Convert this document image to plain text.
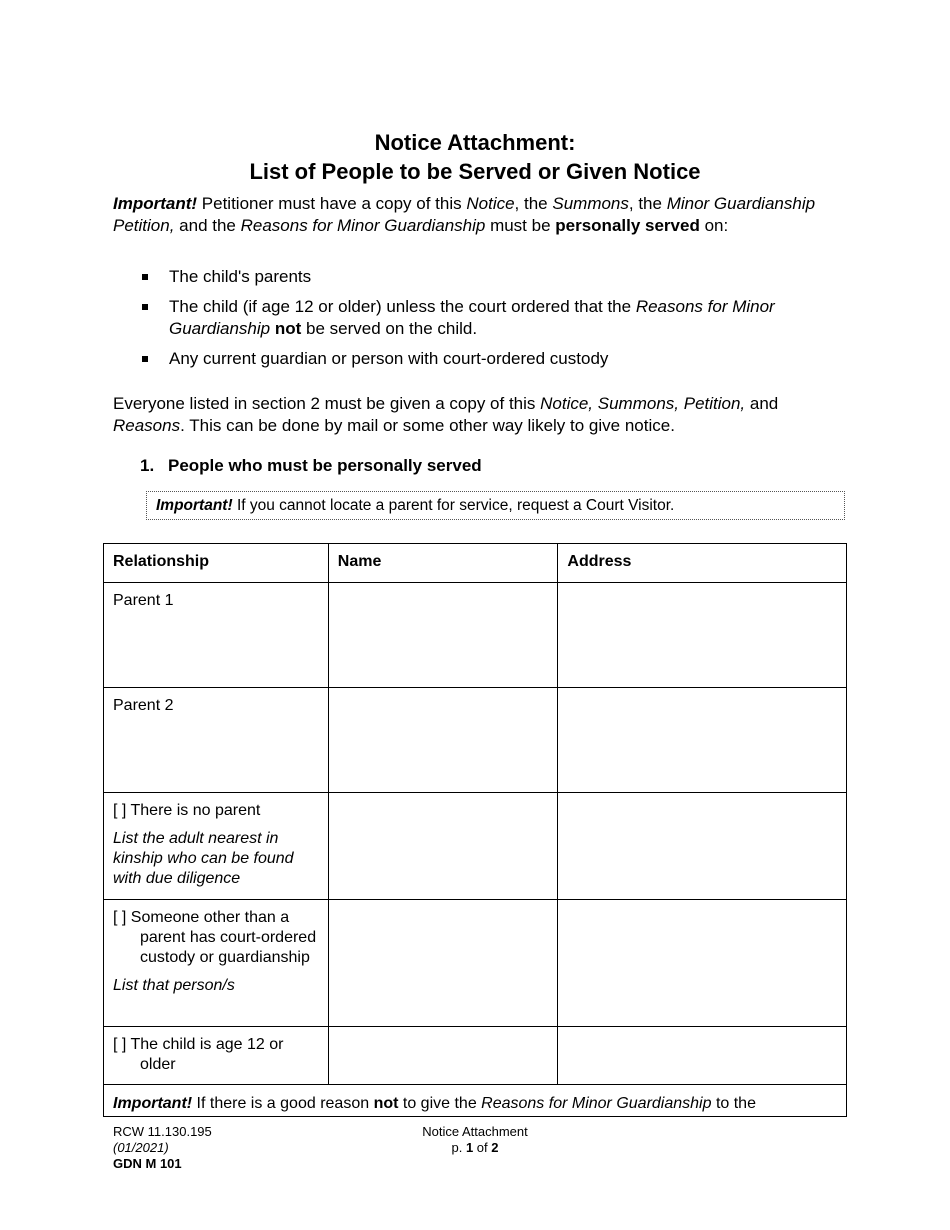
Notice Attachment:
List of People to be Served or Given Notice
Important! Petitioner must have a copy of this Notice, the Summons, the Minor Guardianship Petition, and the Reasons for Minor Guardianship must be personally served on:
The child's parents
The child (if age 12 or older) unless the court ordered that the Reasons for Minor Guardianship not be served on the child.
Any current guardian or person with court-ordered custody
Everyone listed in section 2 must be given a copy of this Notice, Summons, Petition, and Reasons. This can be done by mail or some other way likely to give notice.
1. People who must be personally served
Important! If you cannot locate a parent for service, request a Court Visitor.
Relationship	Name	Address
Parent 1		
Parent 2		

[ ] There is no parent
List the adult nearest in kinship who can be found with due diligence		

[ ] Someone other than a parent has court-ordered custody or guardianship
List that person/s		

[ ] The child is age 12 or older		

Important! If there is a good reason not to give the Reasons for Minor Guardianship to the
RCW 11.130.195
(01/2021)
GDN M 101
Notice Attachment
p. 1 of 2
